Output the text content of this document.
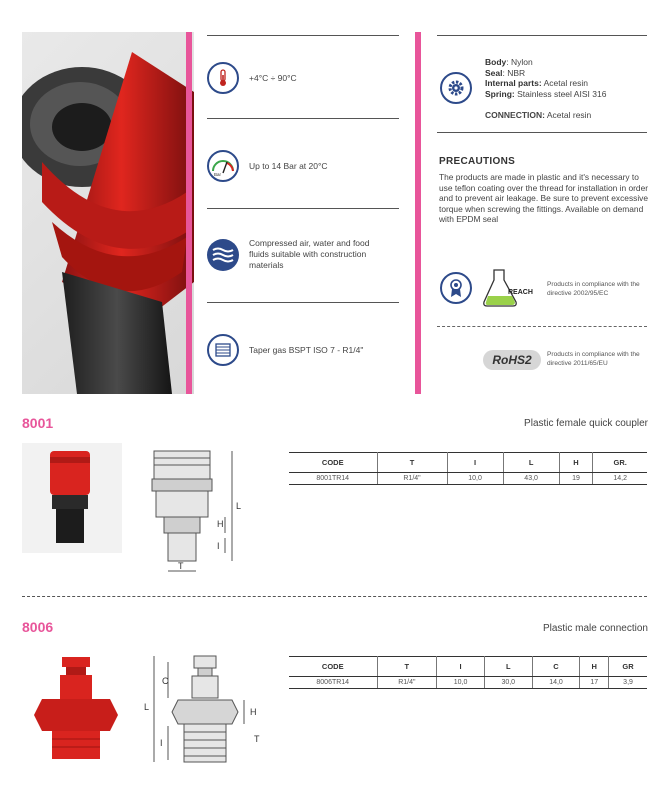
+4°C ÷ 90°C
Bar
Up to 14 Bar at 20°C
Compressed air, water and food fluids suitable with construction materials
Taper gas BSPT ISO 7 - R1/4"
Body: Nylon
Seal: NBR
Internal parts: Acetal resin
Spring: Stainless steel AISI 316
CONNECTION: Acetal resin
PRECAUTIONS
The products are made in plastic and it's necessary to use teflon coating over the thread for installation in order and to prevent air leakage. Be sure to prevent excessive torque when screwing the fittings. Available on demand with EPDM seal
REACH
Products in compliance with the directive 2002/95/EC
RoHS2 Products in compliance with the directive 2011/65/EU
8001	Plastic female quick coupler
L
H
I
T
CODE	T	I	L	H	GR.
8001TR14	R1/4"	10,0	43,0	19	14,2
8006	Plastic male connection
C
L	H
I	T
CODE	T	I	L	C	H	GR
8006TR14	R1/4"	10,0	30,0	14,0	17	3,9
